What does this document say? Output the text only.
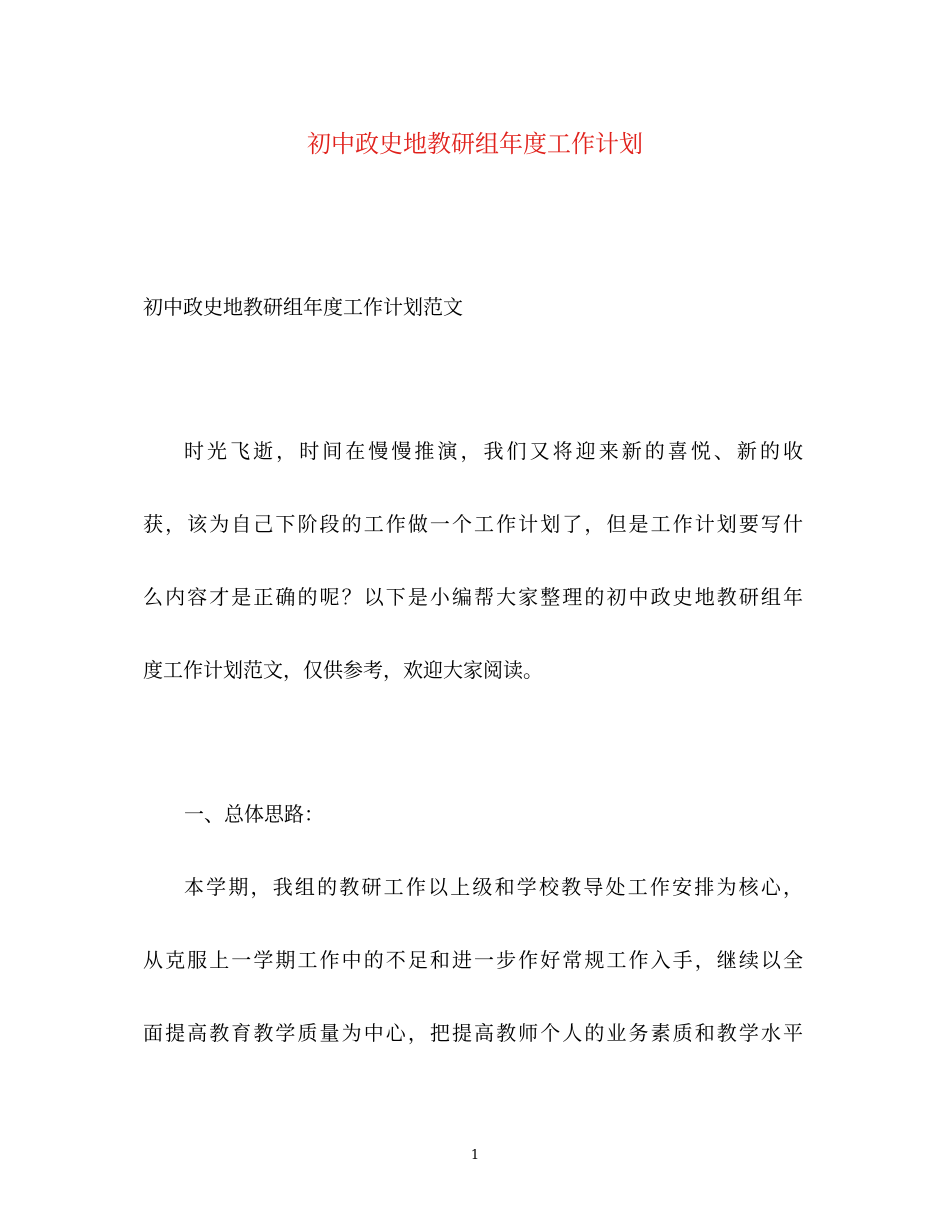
初中政史地教研组年度工作计划
初中政史地教研组年度工作计划范文
时光飞逝，时间在慢慢推演，我们又将迎来新的喜悦、新的收
获，该为自己下阶段的工作做一个工作计划了，但是工作计划要写什
么内容才是正确的呢？以下是小编帮大家整理的初中政史地教研组年
度工作计划范文，仅供参考，欢迎大家阅读。
一、总体思路：
本学期，我组的教研工作以上级和学校教导处工作安排为核心，
从克服上一学期工作中的不足和进一步作好常规工作入手，继续以全
面提高教育教学质量为中心，把提高教师个人的业务素质和教学水平
1
